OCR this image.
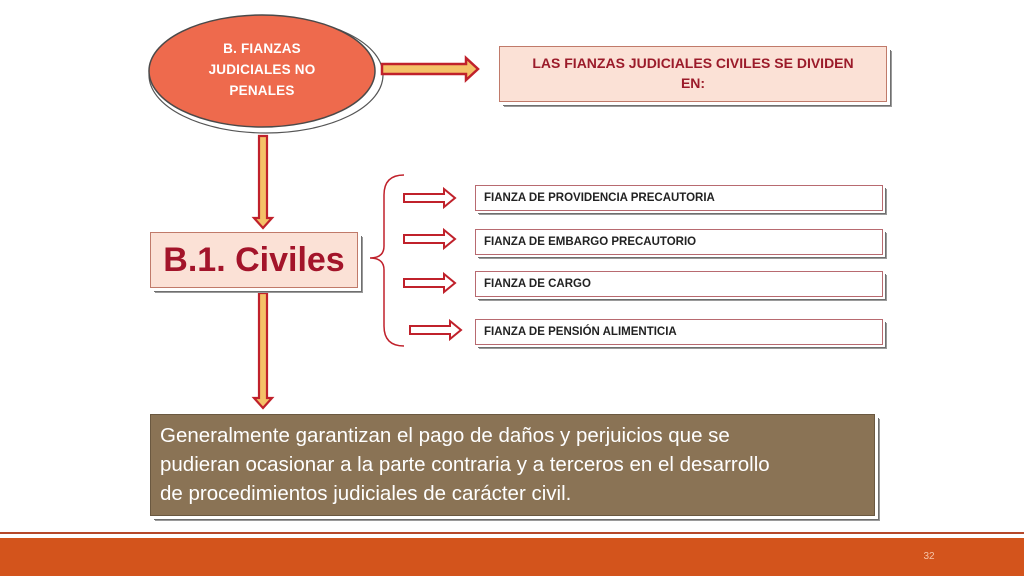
B. FIANZAS
JUDICIALES NO
PENALES
LAS FIANZAS JUDICIALES CIVILES SE DIVIDEN
EN:
B.1. Civiles
FIANZA DE PROVIDENCIA PRECAUTORIA
FIANZA DE EMBARGO PRECAUTORIO
FIANZA DE CARGO
FIANZA DE PENSIÓN ALIMENTICIA
Generalmente garantizan el pago de daños y perjuicios que se
pudieran ocasionar a la parte contraria y a terceros en el desarrollo
de procedimientos judiciales de carácter civil.
32
